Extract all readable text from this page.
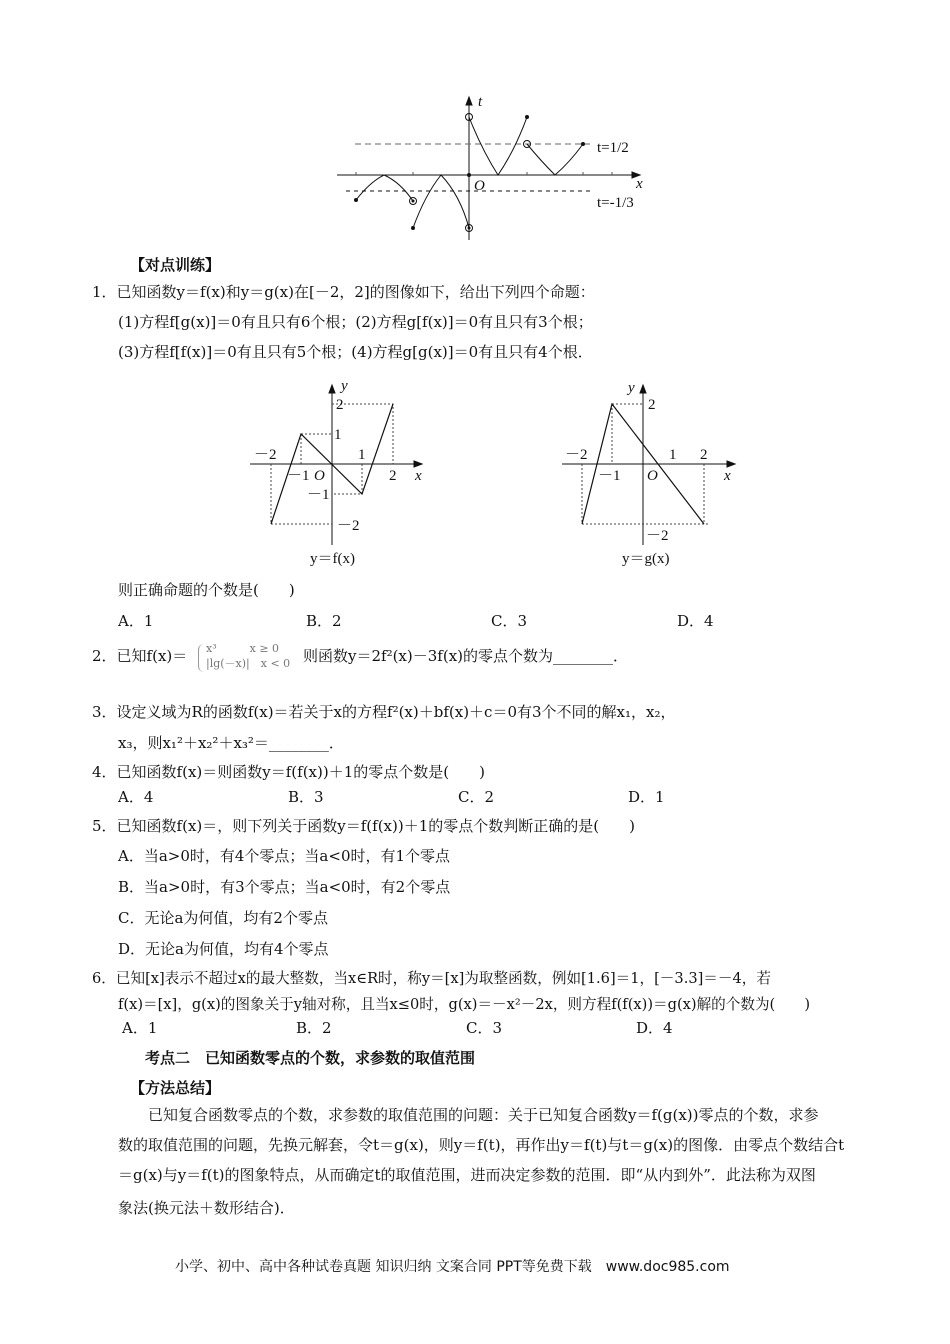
t
x
O
t=1/2
t=-1/3
【对点训练】
1．已知函数y＝f(x)和y＝g(x)在[－2，2]的图像如下，给出下列四个命题：
(1)方程f[g(x)]＝0有且只有6个根；(2)方程g[f(x)]＝0有且只有3个根；
(3)方程f[f(x)]＝0有且只有5个根；(4)方程g[g(x)]＝0有且只有4个根．
－2
－1 O
1
2 x
y
1
－1
－2
2
y＝f(x)
－2
－1 O
1 2
x
y
2
－2
y＝g(x)
则正确命题的个数是(　　)
A．1	B．2	C．3	D．4
2．已知f(x)＝ x³　　　x ≥ 0
|lg(－x)|　x < 0 则函数y＝2f²(x)－3f(x)的零点个数为________．
3．设定义域为R的函数f(x)＝若关于x的方程f²(x)＋bf(x)＋c＝0有3个不同的解x₁，x₂，
x₃，则x₁²＋x₂²＋x₃²＝________．
4．已知函数f(x)＝则函数y＝f(f(x))＋1的零点个数是(　　)
A．4	B．3	C．2	D．1
5．已知函数f(x)＝，则下列关于函数y＝f(f(x))＋1的零点个数判断正确的是(　　)
A．当a>0时，有4个零点；当a<0时，有1个零点
B．当a>0时，有3个零点；当a<0时，有2个零点
C．无论a为何值，均有2个零点
D．无论a为何值，均有4个零点
6．已知[x]表示不超过x的最大整数，当x∈R时，称y＝[x]为取整函数，例如[1.6]＝1，[－3.3]＝－4，若
f(x)＝[x]，g(x)的图象关于y轴对称，且当x≤0时，g(x)＝－x²－2x，则方程f(f(x))＝g(x)解的个数为(　　)
A．1	B．2	C．3	D．4
考点二　已知函数零点的个数，求参数的取值范围
【方法总结】
已知复合函数零点的个数，求参数的取值范围的问题：关于已知复合函数y＝f(g(x))零点的个数，求参
数的取值范围的问题，先换元解套，令t＝g(x)，则y＝f(t)，再作出y＝f(t)与t＝g(x)的图像．由零点个数结合t
＝g(x)与y＝f(t)的图象特点，从而确定t的取值范围，进而决定参数的范围．即“从内到外”．此法称为双图
象法(换元法＋数形结合)．
小学、初中、高中各种试卷真题 知识归纳 文案合同 PPT等免费下载　www.doc985.com
